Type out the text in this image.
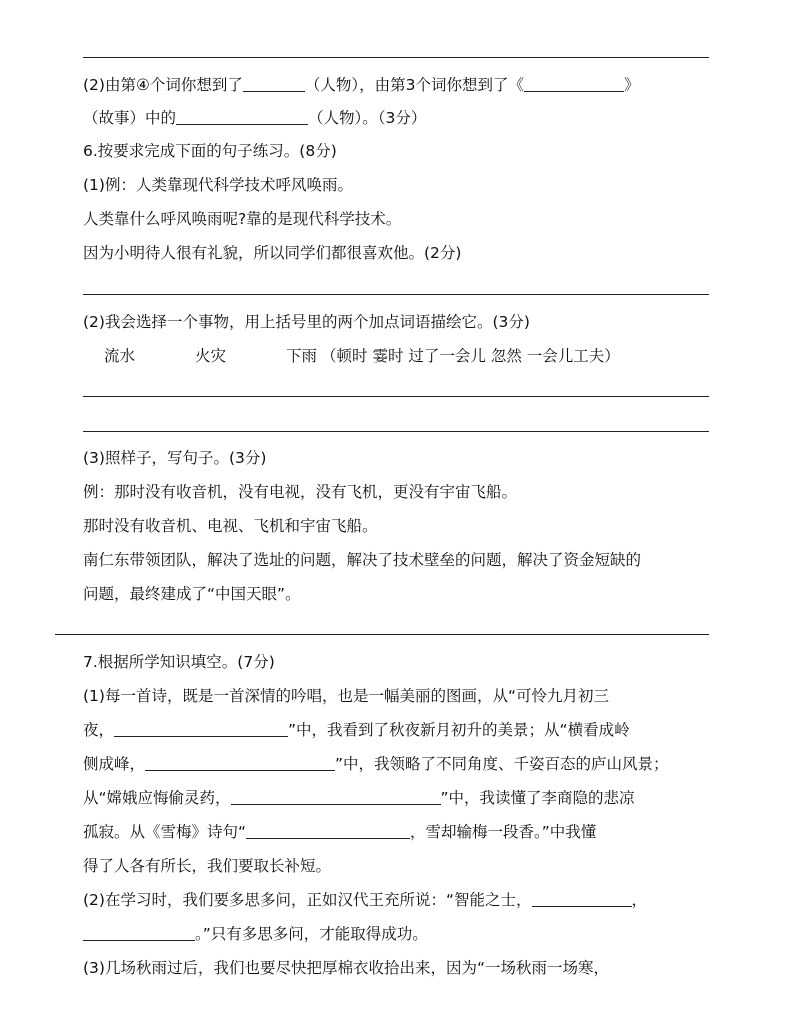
(2)由第④个词你想到了	（人物），由第3个词你想到了《	》
（故事）中的	（人物）。（3分）
6.按要求完成下面的句子练习。(8分)
(1)例：人类靠现代科学技术呼风唤雨。
人类靠什么呼风唤雨呢?靠的是现代科学技术。
因为小明待人很有礼貌，所以同学们都很喜欢他。(2分)
(2)我会选择一个事物，用上括号里的两个加点词语描绘它。(3分)
流水	火灾	下雨 （顿时 霎时 过了一会儿 忽然 一会儿工夫）
(3)照样子，写句子。(3分)
例：那时没有收音机，没有电视，没有飞机，更没有宇宙飞船。
那时没有收音机、电视、飞机和宇宙飞船。
南仁东带领团队，解决了选址的问题，解决了技术壁垒的问题，解决了资金短缺的
问题，最终建成了“中国天眼”。
7.根据所学知识填空。(7分)
(1)每一首诗，既是一首深情的吟唱，也是一幅美丽的图画，从“可怜九月初三
夜，	”中，我看到了秋夜新月初升的美景；从“横看成岭
侧成峰，	”中，我领略了不同角度、千姿百态的庐山风景；
从“嫦娥应悔偷灵药，	”中，我读懂了李商隐的悲凉
孤寂。从《雪梅》诗句“	，雪却输梅一段香。”中我懂
得了人各有所长，我们要取长补短。
(2)在学习时，我们要多思多问，正如汉代王充所说：“智能之士，	，
。”只有多思多问，才能取得成功。
(3)几场秋雨过后，我们也要尽快把厚棉衣收拾出来，因为“一场秋雨一场寒，
